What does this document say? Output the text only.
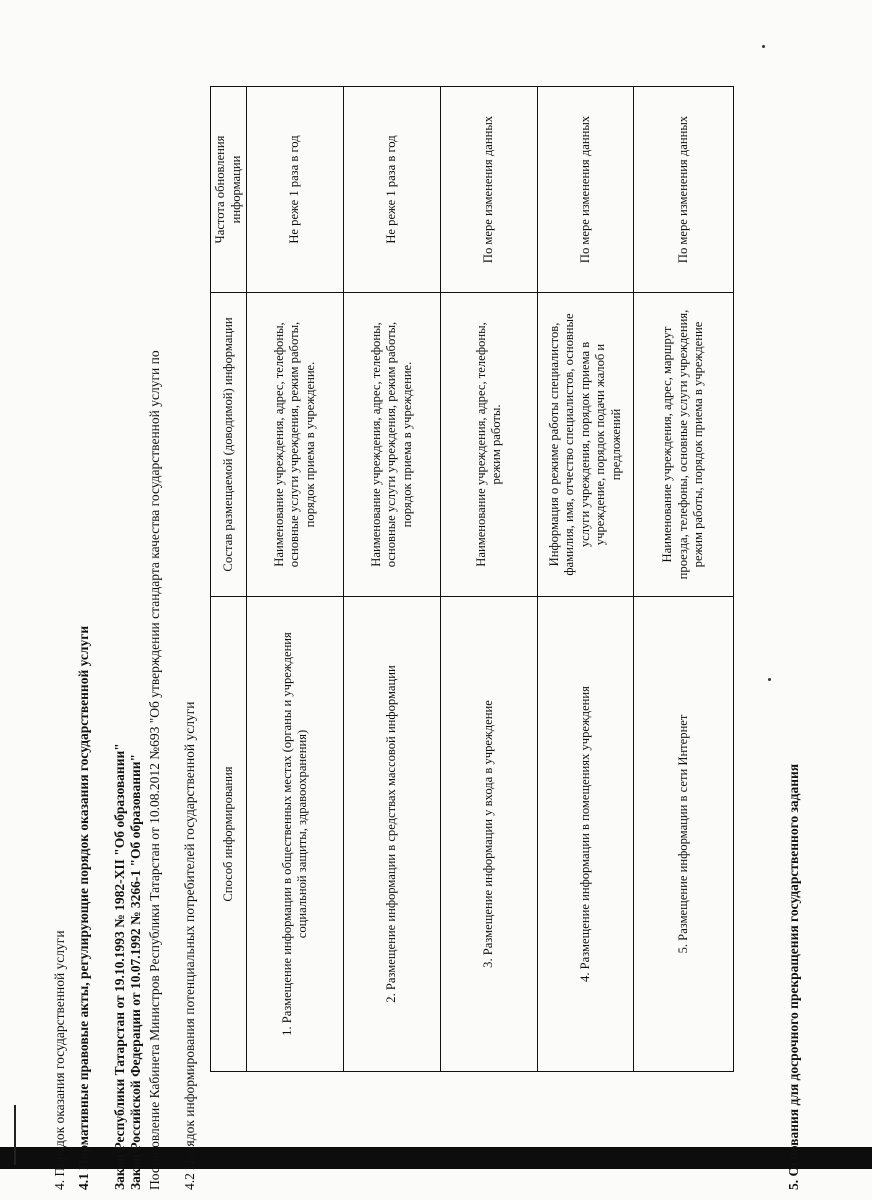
4. Порядок оказания государственной услуги 4.1 Нормативные правовые акты, регулирующие порядок оказания государственной услуги Закон Республики Татарстан от 19.10.1993 № 1982-XII "Об образовании" Закон Российской Федерации от 10.07.1992 № 3266-1 "Об образовании" Постановление Кабинета Министров Республики Татарстан от 10.08.2012 №693 "Об утверждении стандарта качества государственной услуги по 4.2 Порядок информирования потенциальных потребителей государственной услуги Способ информирования	Состав размещаемой (доводимой) информации	Частота обновления информации
1. Размещение информации в общественных местах (органы и учреждения социальной защиты, здравоохранения)	Наименование учреждения, адрес, телефоны, основные услуги учреждения, режим работы, порядок приема в учреждение.	Не реже 1 раза в год
2. Размещение информации в средствах массовой информации	Наименование учреждения, адрес, телефоны, основные услуги учреждения, режим работы, порядок приема в учреждение.	Не реже 1 раза в год
3. Размещение информации у входа в учреждение	Наименование учреждения, адрес, телефоны, режим работы.	По мере изменения данных
4. Размещение информации в помещениях учреждения	Информация о режиме работы специалистов, фамилия, имя, отчество специалистов, основные услуги учреждения, порядок приема в учреждение, порядок подачи жалоб и предложений	По мере изменения данных
5. Размещение информации в сети Интернет	Наименование учреждения, адрес, маршрут проезда, телефоны, основные услуги учреждения, режим работы, порядок приема в учреждение	По мере изменения данных
5. Основания для досрочного прекращения государственного задания
